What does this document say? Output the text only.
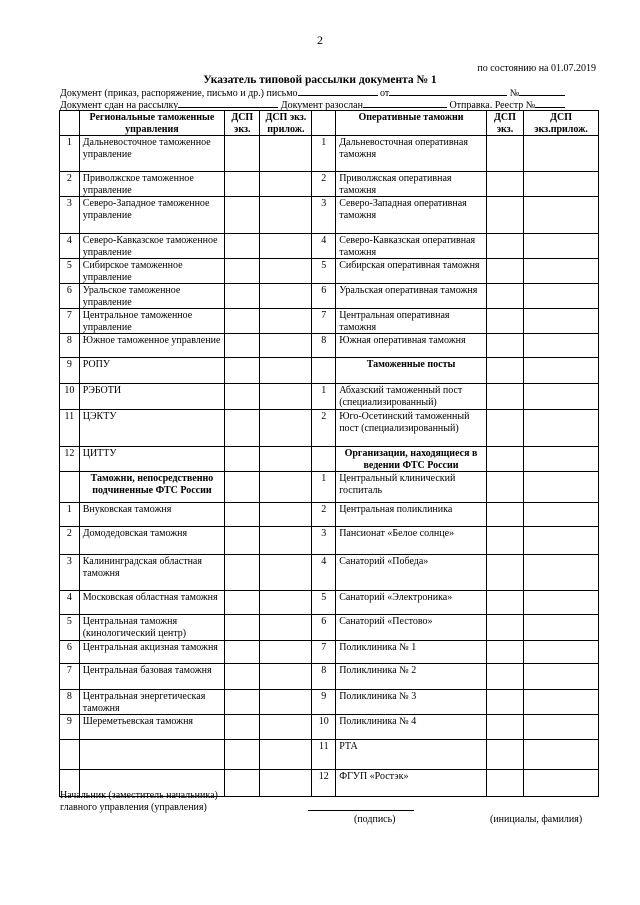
2
по состоянию на 01.07.2019
Указатель типовой рассылки документа № 1
Документ (приказ, распоряжение, письмо и др.) письмо	от	№
Документ сдан на рассылку	Документ разослан	Отправка. Реестр №
	Региональные таможенные управления	ДСП экз.	ДСП экз. прилож.		Оперативные таможни	ДСП экз.	ДСП экз.прилож.
1	Дальневосточное таможенное управление			1	Дальневосточная оперативная таможня		
2	Приволжское таможенное управление			2	Приволжская оперативная таможня		
3	Северо-Западное таможенное управление			3	Северо-Западная оперативная таможня		
4	Северо-Кавказское таможенное управление			4	Северо-Кавказская оперативная таможня		
5	Сибирское таможенное управление			5	Сибирская оперативная таможня		
6	Уральское таможенное управление			6	Уральская оперативная таможня		
7	Центральное таможенное управление			7	Центральная оперативная таможня		
8	Южное таможенное управление			8	Южная оперативная таможня		
9	РОПУ				Таможенные посты		
10	РЭБОТИ			1	Абхазский таможенный пост (специализированный)		
11	ЦЭКТУ			2	Юго-Осетинский таможенный пост (специализированный)		
12	ЦИТТУ				Организации, находящиеся в ведении ФТС России		
	Таможни, непосредственно подчиненные ФТС России			1	Центральный клинический госпиталь		
1	Внуковская таможня			2	Центральная поликлиника		
2	Домодедовская таможня			3	Пансионат «Белое солнце»		
3	Калининградская областная таможня			4	Санаторий «Победа»		
4	Московская областная таможня			5	Санаторий «Электроника»		
5	Центральная таможня (кинологический центр)			6	Санаторий «Пестово»		
6	Центральная акцизная таможня			7	Поликлиника № 1		
7	Центральная базовая таможня			8	Поликлиника № 2		
8	Центральная энергетическая таможня			9	Поликлиника № 3		
9	Шереметьевская таможня			10	Поликлиника № 4		
				11	РТА		
				12	ФГУП «Ростэк»		
Начальник (заместитель начальника)
главного управления (управления)
(подпись)	(инициалы, фамилия)
